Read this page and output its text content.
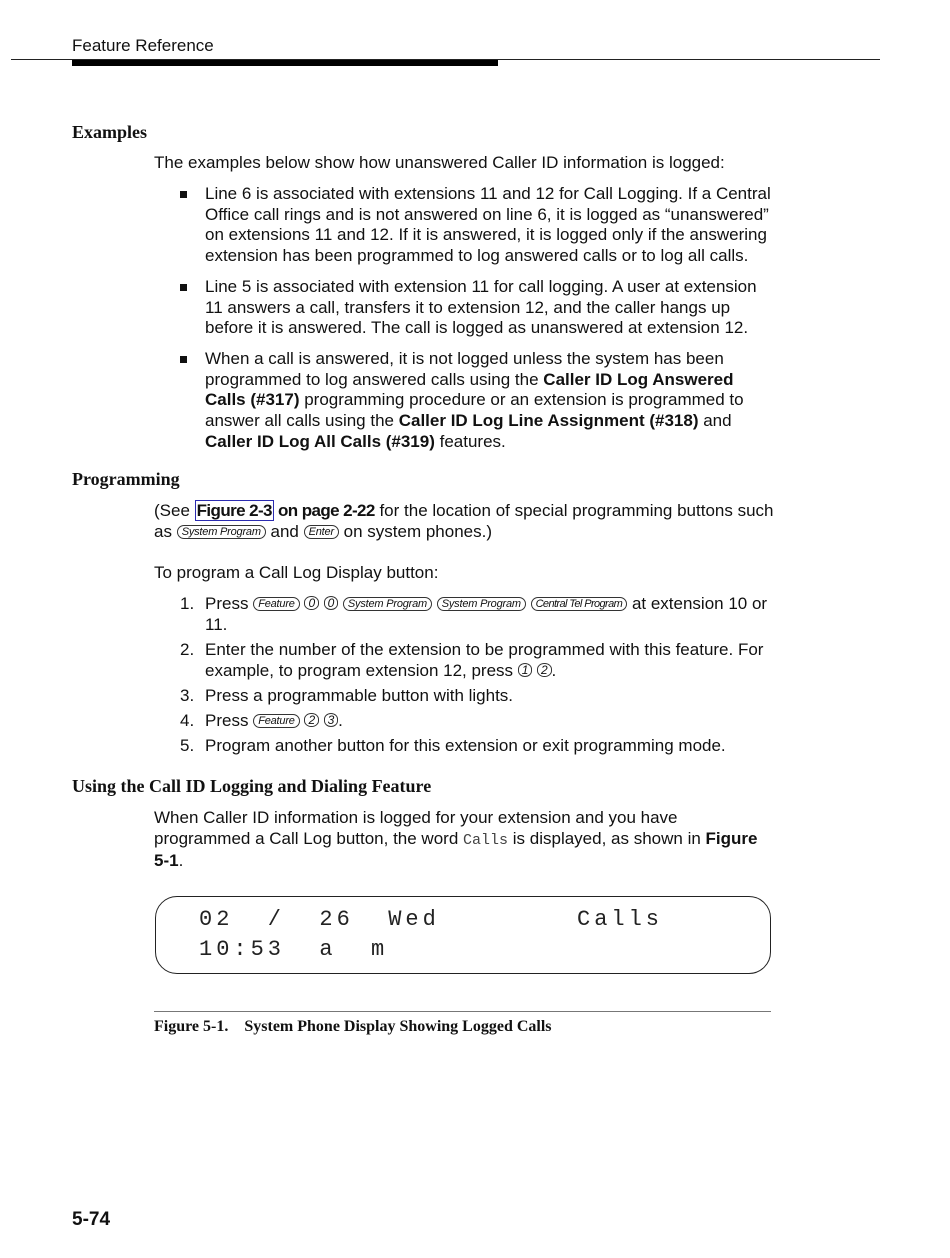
Feature Reference
Examples

The examples below show how unanswered Caller ID information is logged:

Line 6 is associated with extensions 11 and 12 for Call Logging. If a Central Office call rings and is not answered on line 6, it is logged as “unanswered” on extensions 11 and 12. If it is answered, it is logged only if the answering extension has been programmed to log answered calls or to log all calls.
Line 5 is associated with extension 11 for call logging. A user at extension 11 answers a call, transfers it to extension 12, and the caller hangs up before it is answered. The call is logged as unanswered at extension 12.
When a call is answered, it is not logged unless the system has been programmed to log answered calls using the Caller ID Log Answered Calls (#317) programming procedure or an extension is programmed to answer all calls using the Caller ID Log Line Assignment (#318) and Caller ID Log All Calls (#319) features.
Programming

(See Figure 2-3 on page 2-22 for the location of special programming buttons such as System Program and Enter on system phones.)

To program a Call Log Display button:

1. Press Feature 0 0 System Program System Program Central Tel Program at extension 10 or 11.
2. Enter the number of the extension to be programmed with this feature. For example, to program extension 12, press 1 2 .
3. Press a programmable button with lights.
4. Press Feature 2 3 .
5. Program another button for this extension or exit programming mode.
Using the Call ID Logging and Dialing Feature

When Caller ID information is logged for your extension and you have programmed a Call Log button, the word Calls is displayed, as shown in Figure 5-1.

02  /  26  Wed	Calls
10:53  a  m
Figure 5-1.    System Phone Display Showing Logged Calls
5-74
